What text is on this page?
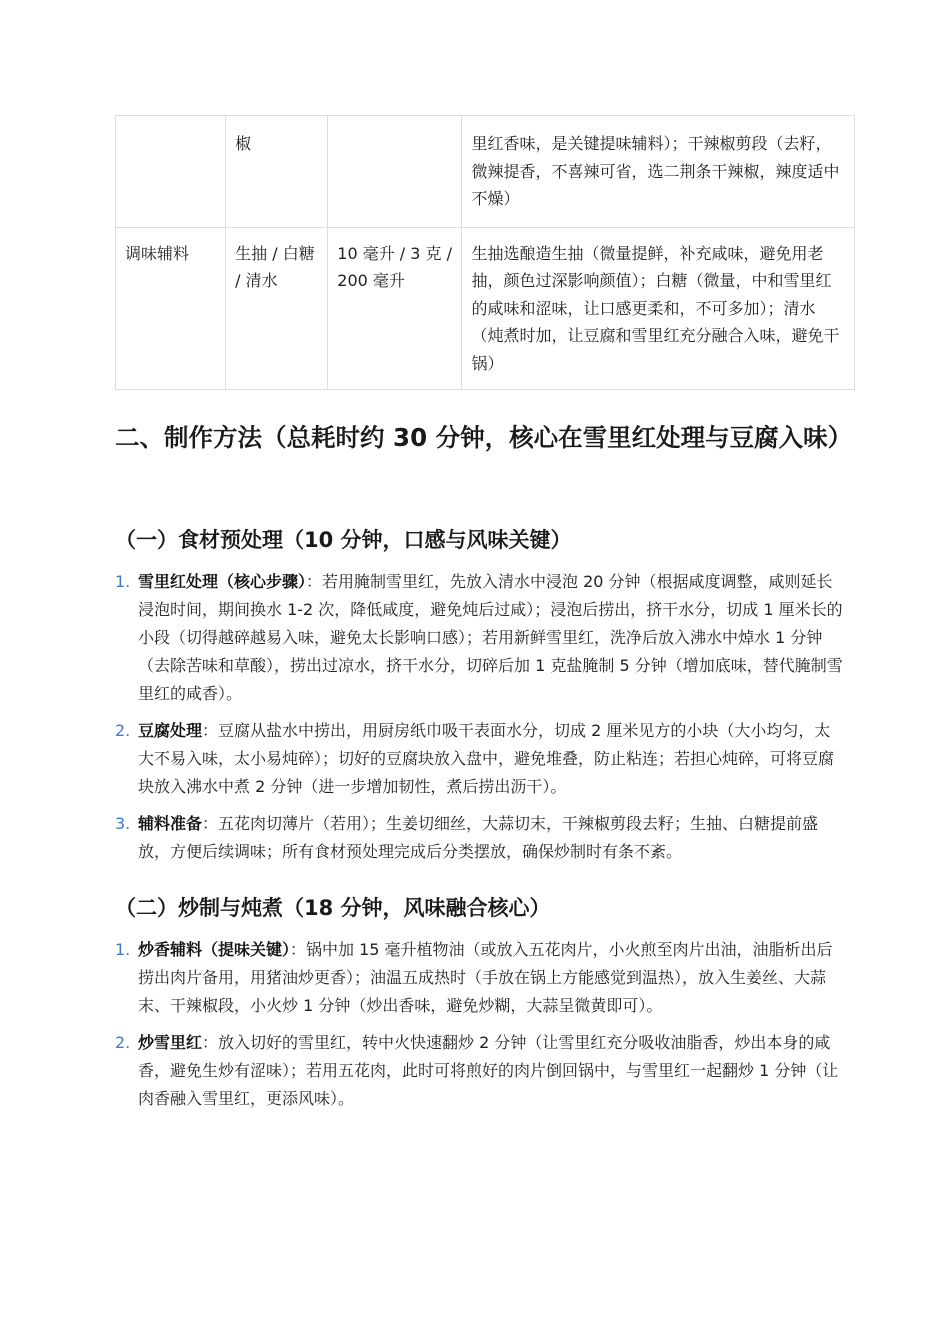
	椒		里红香味，是关键提味辅料）；干辣椒剪段（去籽，微辣提香，不喜辣可省，选二荆条干辣椒，辣度适中不燥）
调味辅料	生抽 / 白糖 / 清水	10 毫升 / 3 克 / 200 毫升	生抽选酿造生抽（微量提鲜，补充咸味，避免用老抽，颜色过深影响颜值）；白糖（微量，中和雪里红的咸味和涩味，让口感更柔和，不可多加）；清水（炖煮时加，让豆腐和雪里红充分融合入味，避免干锅）
二、制作方法（总耗时约 30 分钟，核心在雪里红处理与豆腐入味）
（一）食材预处理（10 分钟，口感与风味关键）
1. 雪里红处理（核心步骤）：若用腌制雪里红，先放入清水中浸泡 20 分钟（根据咸度调整，咸则延长浸泡时间，期间换水 1-2 次，降低咸度，避免炖后过咸）；浸泡后捞出，挤干水分，切成 1 厘米长的小段（切得越碎越易入味，避免太长影响口感）；若用新鲜雪里红，洗净后放入沸水中焯水 1 分钟（去除苦味和草酸），捞出过凉水，挤干水分，切碎后加 1 克盐腌制 5 分钟（增加底味，替代腌制雪里红的咸香）。
2. 豆腐处理：豆腐从盐水中捞出，用厨房纸巾吸干表面水分，切成 2 厘米见方的小块（大小均匀，太大不易入味，太小易炖碎）；切好的豆腐块放入盘中，避免堆叠，防止粘连；若担心炖碎，可将豆腐块放入沸水中煮 2 分钟（进一步增加韧性，煮后捞出沥干）。
3. 辅料准备：五花肉切薄片（若用）；生姜切细丝，大蒜切末，干辣椒剪段去籽；生抽、白糖提前盛放，方便后续调味；所有食材预处理完成后分类摆放，确保炒制时有条不紊。
（二）炒制与炖煮（18 分钟，风味融合核心）
1. 炒香辅料（提味关键）：锅中加 15 毫升植物油（或放入五花肉片，小火煎至肉片出油，油脂析出后捞出肉片备用，用猪油炒更香）；油温五成热时（手放在锅上方能感觉到温热），放入生姜丝、大蒜末、干辣椒段，小火炒 1 分钟（炒出香味，避免炒糊，大蒜呈微黄即可）。
2. 炒雪里红：放入切好的雪里红，转中火快速翻炒 2 分钟（让雪里红充分吸收油脂香，炒出本身的咸香，避免生炒有涩味）；若用五花肉，此时可将煎好的肉片倒回锅中，与雪里红一起翻炒 1 分钟（让肉香融入雪里红，更添风味）。
